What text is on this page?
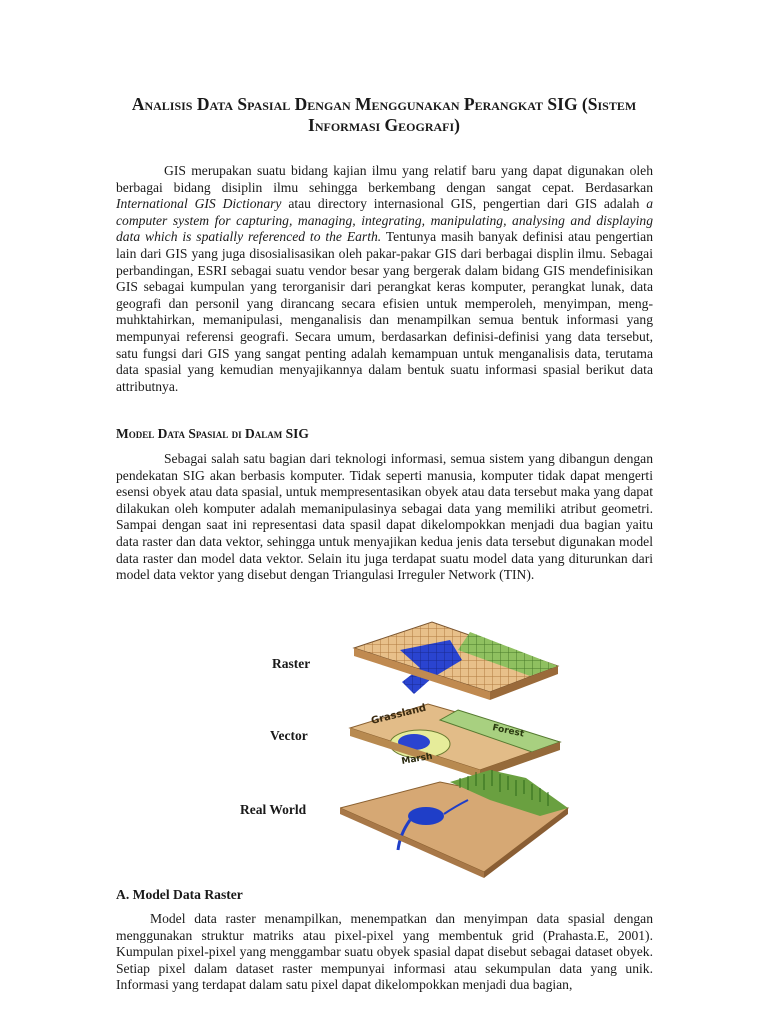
Analisis Data Spasial Dengan Menggunakan Perangkat SIG (Sistem
Informasi Geografi)

GIS merupakan suatu bidang kajian ilmu yang relatif baru yang dapat digunakan oleh berbagai bidang disiplin ilmu sehingga berkembang dengan sangat cepat. Berdasarkan International GIS Dictionary atau directory internasional GIS, pengertian dari GIS adalah a computer system for capturing, managing, integrating, manipulating, analysing and displaying data which is spatially referenced to the Earth. Tentunya masih banyak definisi atau pengertian lain dari GIS yang juga disosialisasikan oleh pakar-pakar GIS dari berbagai displin ilmu. Sebagai perbandingan, ESRI sebagai suatu vendor besar yang bergerak dalam bidang GIS mendefinisikan GIS sebagai kumpulan yang terorganisir dari perangkat keras komputer, perangkat lunak, data geografi dan personil yang dirancang secara efisien untuk memperoleh, menyimpan, meng-muhktahirkan, memanipulasi, menganalisis dan menampilkan semua bentuk informasi yang mempunyai referensi geografi. Secara umum, berdasarkan definisi-definisi yang data tersebut, satu fungsi dari GIS yang sangat penting adalah kemampuan untuk menganalisis data, terutama data spasial yang kemudian menyajikannya dalam bentuk suatu informasi spasial berikut data attributnya.

Model Data Spasial di Dalam SIG

Sebagai salah satu bagian dari teknologi informasi, semua sistem yang dibangun dengan pendekatan SIG akan berbasis komputer. Tidak seperti manusia, komputer tidak dapat mengerti esensi obyek atau data spasial, untuk mempresentasikan obyek atau data tersebut maka yang dapat dilakukan oleh komputer adalah memanipulasinya sebagai data yang memiliki atribut geometri. Sampai dengan saat ini representasi data spasil dapat dikelompokkan menjadi dua bagian yaitu data raster dan data vektor, sehingga untuk menyajikan kedua jenis data tersebut digunakan model data raster dan model data vektor. Selain itu juga terdapat suatu model data yang diturunkan dari model data vektor yang disebut dengan Triangulasi Irreguler Network (TIN).

Raster
Vector
Real World
Grassland
Forest
Marsh
A. Model Data Raster

Model data raster menampilkan, menempatkan dan menyimpan data spasial dengan menggunakan struktur matriks atau pixel-pixel yang membentuk grid (Prahasta.E, 2001). Kumpulan pixel-pixel yang menggambar suatu obyek spasial dapat disebut sebagai dataset obyek. Setiap pixel dalam dataset raster mempunyai informasi atau sekumpulan data yang unik. Informasi yang terdapat dalam satu pixel dapat dikelompokkan menjadi dua bagian,
